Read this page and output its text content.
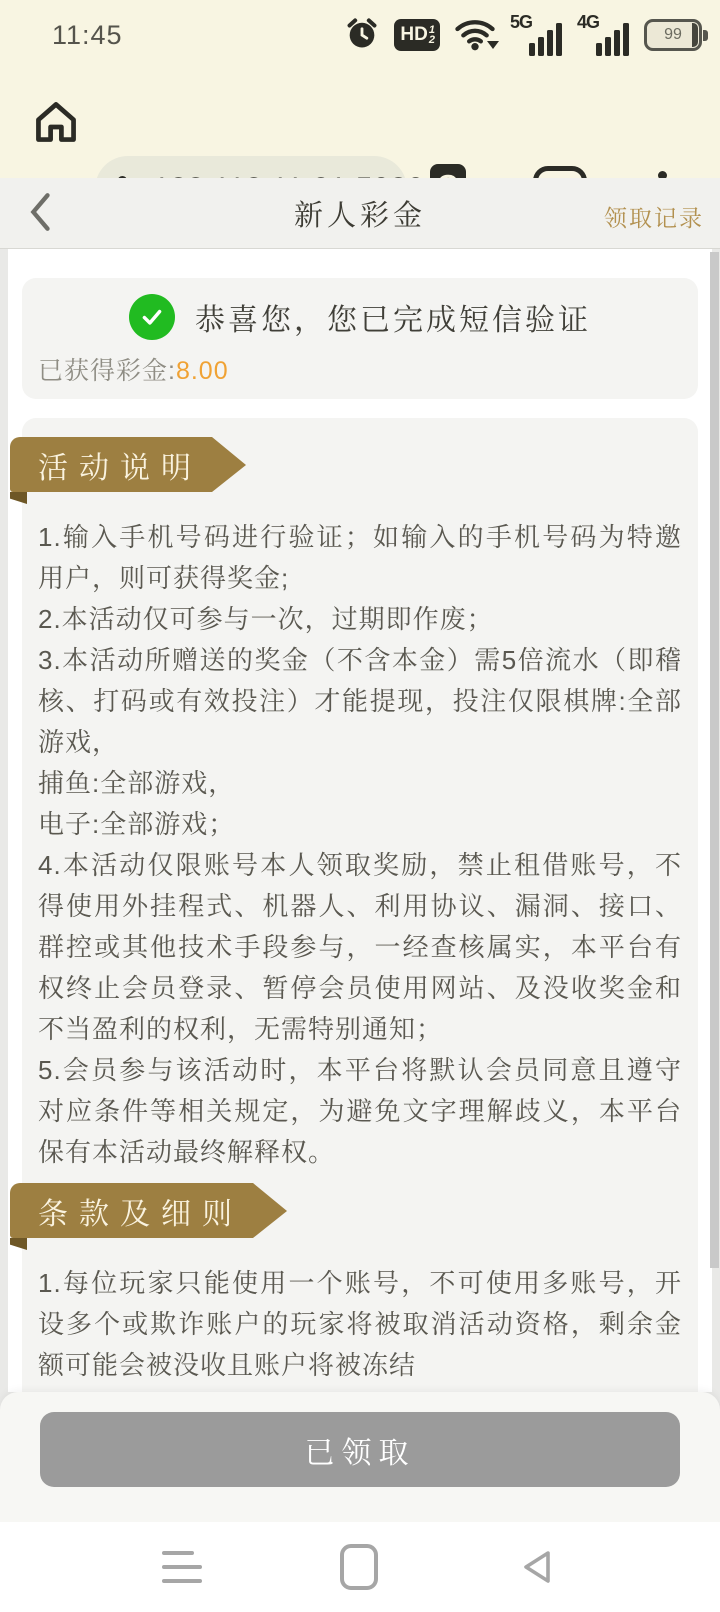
11:45	HD 1
2
5G 4G
99
新人彩金	领取记录
恭喜您，您已完成短信验证
已获得彩金:8.00
活动说明

1.输入手机号码进行验证；如输入的手机号码为特邀用户，则可获得奖金;

2.本活动仅可参与一次，过期即作废；

3.本活动所赠送的奖金（不含本金）需5倍流水（即稽核、打码或有效投注）才能提现，投注仅限棋牌:全部游戏，

捕鱼:全部游戏，

电子:全部游戏；

4.本活动仅限账号本人领取奖励，禁止租借账号，不得使用外挂程式、机器人、利用协议、漏洞、接口、群控或其他技术手段参与，一经查核属实，本平台有权终止会员登录、暂停会员使用网站、及没收奖金和不当盈利的权利，无需特别通知；

5.会员参与该活动时，本平台将默认会员同意且遵守对应条件等相关规定，为避免文字理解歧义，本平台保有本活动最终解释权。

条款及细则

1.每位玩家只能使用一个账号，不可使用多账号，开设多个或欺诈账户的玩家将被取消活动资格，剩余金额可能会被没收且账户将被冻结

已领取
